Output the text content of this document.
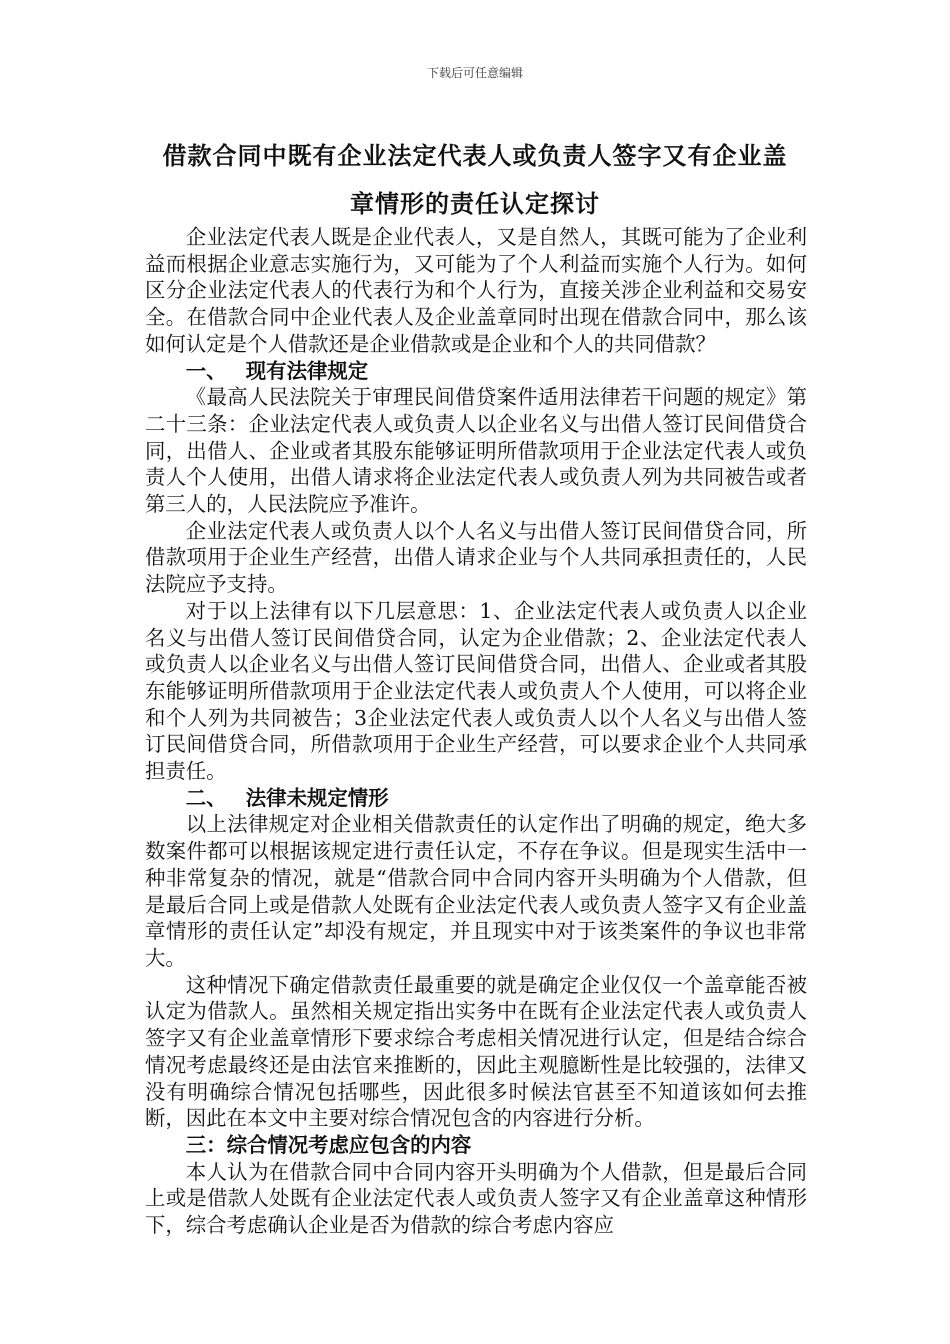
下载后可任意编辑
借款合同中既有企业法定代表人或负责人签字又有企业盖
章情形的责任认定探讨

企业法定代表人既是企业代表人，又是自然人，其既可能为了企业利益而根据企业意志实施行为，又可能为了个人利益而实施个人行为。如何区分企业法定代表人的代表行为和个人行为，直接关涉企业利益和交易安全。在借款合同中企业代表人及企业盖章同时出现在借款合同中，那么该如何认定是个人借款还是企业借款或是企业和个人的共同借款？

一、 现有法律规定

《最高人民法院关于审理民间借贷案件适用法律若干问题的规定》第二十三条：企业法定代表人或负责人以企业名义与出借人签订民间借贷合同，出借人、企业或者其股东能够证明所借款项用于企业法定代表人或负责人个人使用，出借人请求将企业法定代表人或负责人列为共同被告或者第三人的，人民法院应予准许。

企业法定代表人或负责人以个人名义与出借人签订民间借贷合同，所借款项用于企业生产经营，出借人请求企业与个人共同承担责任的，人民法院应予支持。

对于以上法律有以下几层意思：1、企业法定代表人或负责人以企业名义与出借人签订民间借贷合同，认定为企业借款；2、企业法定代表人或负责人以企业名义与出借人签订民间借贷合同，出借人、企业或者其股东能够证明所借款项用于企业法定代表人或负责人个人使用，可以将企业和个人列为共同被告；3企业法定代表人或负责人以个人名义与出借人签订民间借贷合同，所借款项用于企业生产经营，可以要求企业个人共同承担责任。

二、 法律未规定情形

以上法律规定对企业相关借款责任的认定作出了明确的规定，绝大多数案件都可以根据该规定进行责任认定，不存在争议。但是现实生活中一种非常复杂的情况，就是“借款合同中合同内容开头明确为个人借款，但是最后合同上或是借款人处既有企业法定代表人或负责人签字又有企业盖章情形的责任认定”却没有规定，并且现实中对于该类案件的争议也非常大。

这种情况下确定借款责任最重要的就是确定企业仅仅一个盖章能否被认定为借款人。虽然相关规定指出实务中在既有企业法定代表人或负责人签字又有企业盖章情形下要求综合考虑相关情况进行认定，但是结合综合情况考虑最终还是由法官来推断的，因此主观臆断性是比较强的，法律又没有明确综合情况包括哪些，因此很多时候法官甚至不知道该如何去推断，因此在本文中主要对综合情况包含的内容进行分析。

三：综合情况考虑应包含的内容

本人认为在借款合同中合同内容开头明确为个人借款，但是最后合同上或是借款人处既有企业法定代表人或负责人签字又有企业盖章这种情形下，综合考虑确认企业是否为借款的综合考虑内容应
